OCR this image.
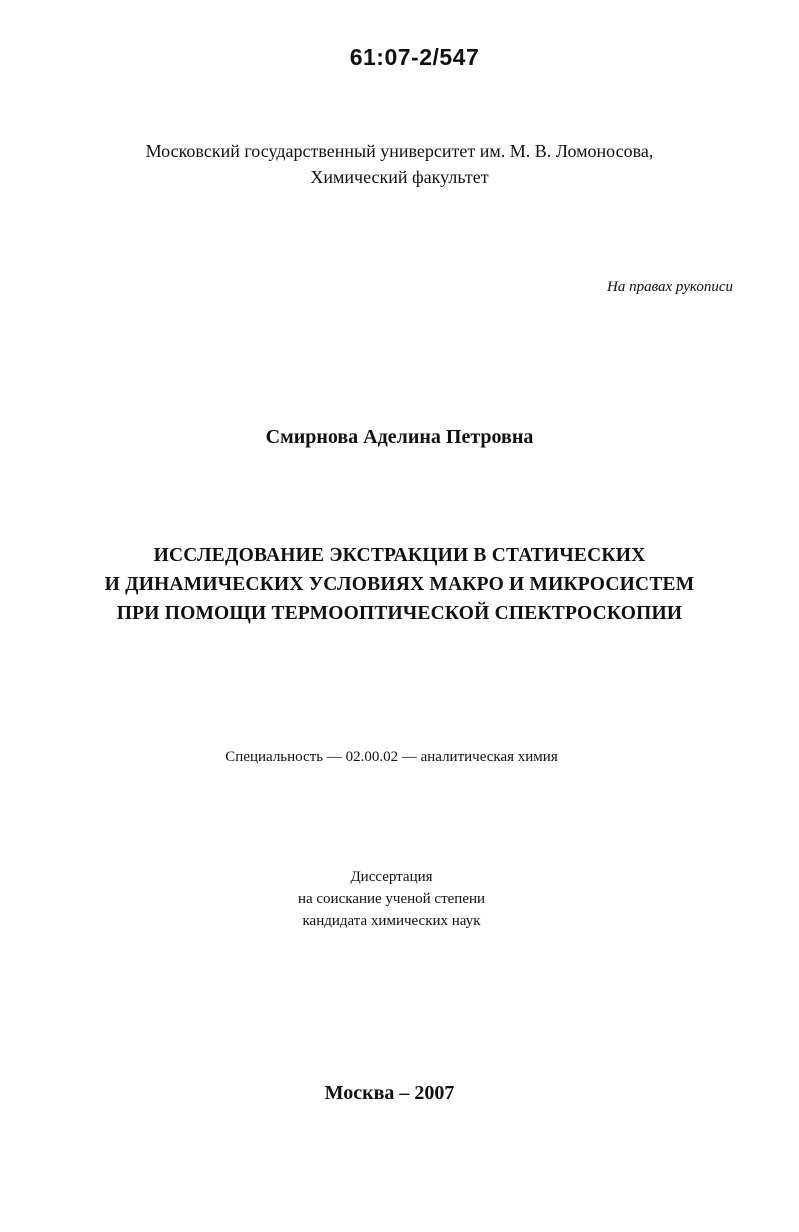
61:07-2/547
Московский государственный университет им. М. В. Ломоносова,
Химический факультет
На правах рукописи
Смирнова Аделина Петровна
ИССЛЕДОВАНИЕ ЭКСТРАКЦИИ В СТАТИЧЕСКИХ
И ДИНАМИЧЕСКИХ УСЛОВИЯХ МАКРО И МИКРОСИСТЕМ
ПРИ ПОМОЩИ ТЕРМООПТИЧЕСКОЙ СПЕКТРОСКОПИИ
Специальность — 02.00.02 — аналитическая химия
Диссертация
на соискание ученой степени
кандидата химических наук
Москва – 2007
